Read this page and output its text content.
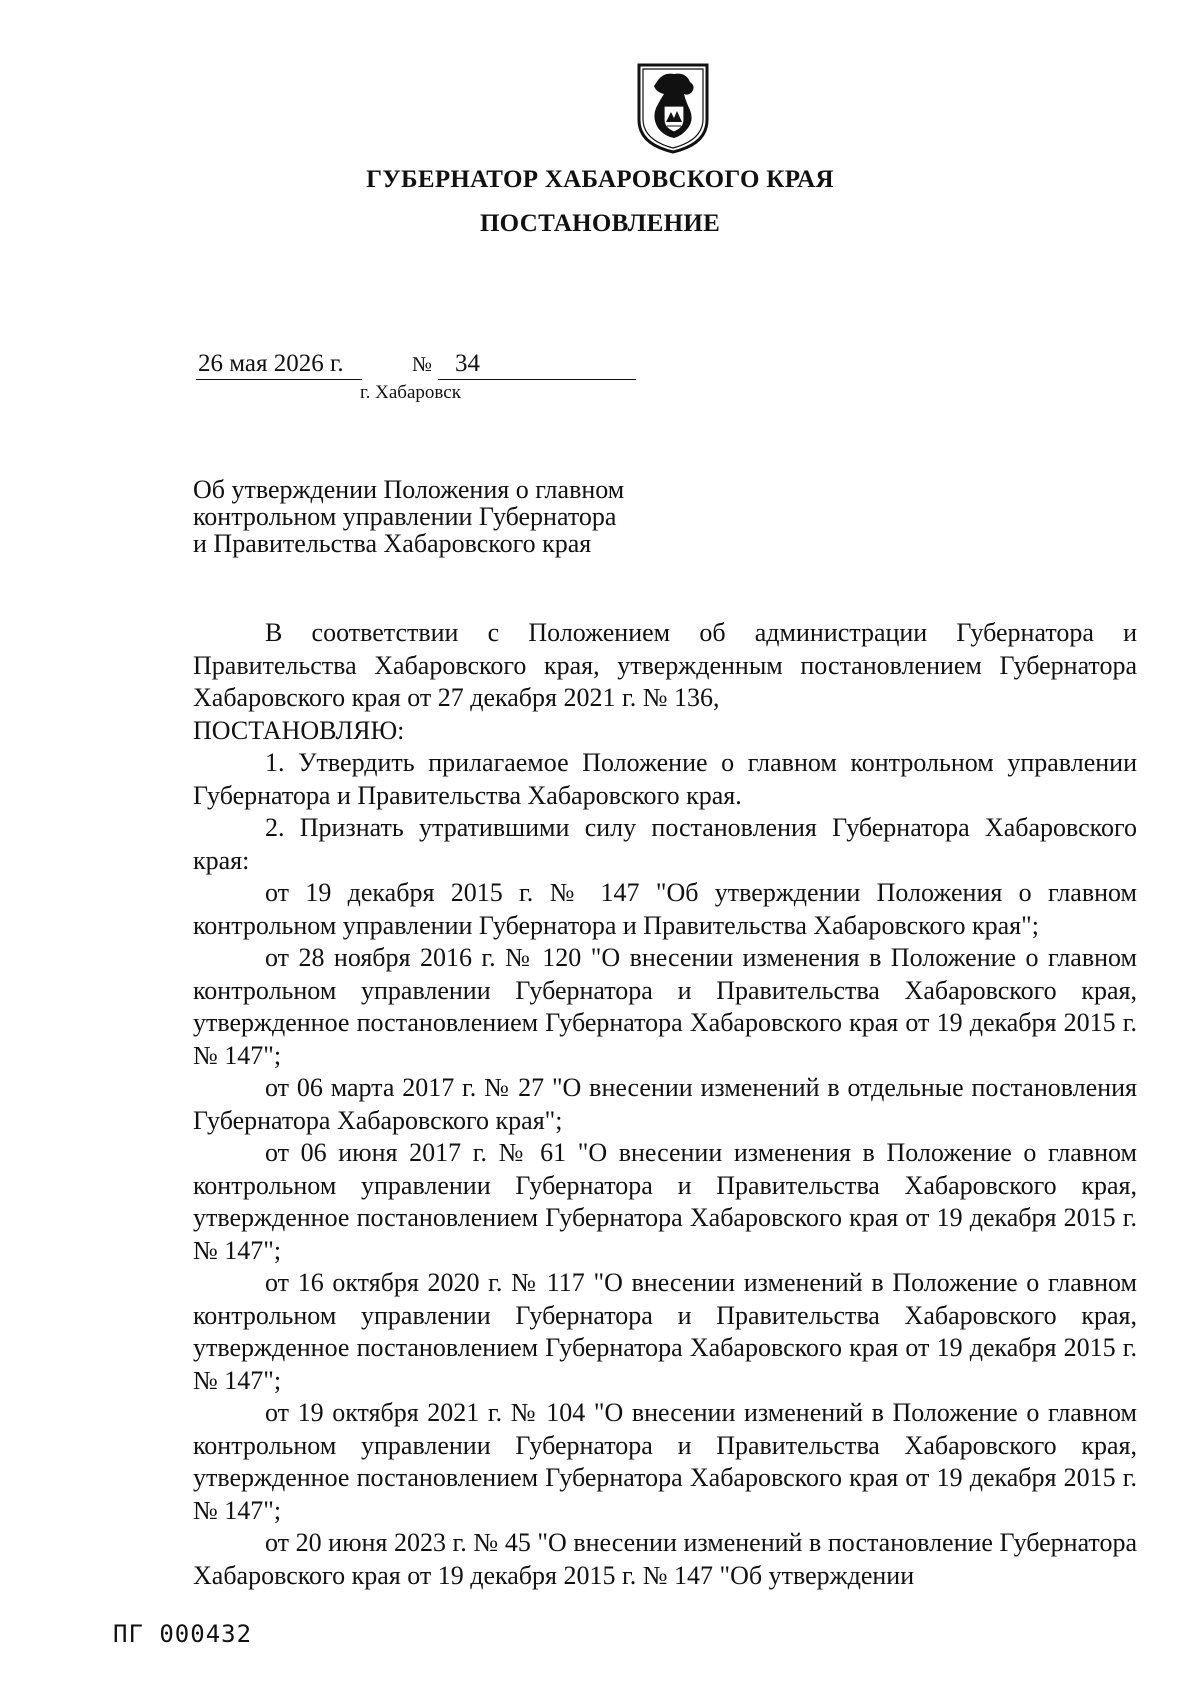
ГУБЕРНАТОР ХАБАРОВСКОГО КРАЯ
ПОСТАНОВЛЕНИЕ
26 мая 2026 г.	№ 34
г. Хабаровск
Об утверждении Положения о главном
контрольном управлении Губернатора
и Правительства Хабаровского края

В соответствии с Положением об администрации Губернатора и Правительства Хабаровского края, утвержденным постановлением Губернатора Хабаровского края от 27 декабря 2021 г. № 136,

ПОСТАНОВЛЯЮ:

1. Утвердить прилагаемое Положение о главном контрольном управлении Губернатора и Правительства Хабаровского края.

2. Признать утратившими силу постановления Губернатора Хабаровского края:

от 19 декабря 2015 г. № 147 "Об утверждении Положения о главном контрольном управлении Губернатора и Правительства Хабаровского края";

от 28 ноября 2016 г. № 120 "О внесении изменения в Положение о главном контрольном управлении Губернатора и Правительства Хабаровского края, утвержденное постановлением Губернатора Хабаровского края от 19 декабря 2015 г. № 147";

от 06 марта 2017 г. № 27 "О внесении изменений в отдельные постановления Губернатора Хабаровского края";

от 06 июня 2017 г. № 61 "О внесении изменения в Положение о главном контрольном управлении Губернатора и Правительства Хабаровского края, утвержденное постановлением Губернатора Хабаровского края от 19 декабря 2015 г. № 147";

от 16 октября 2020 г. № 117 "О внесении изменений в Положение о главном контрольном управлении Губернатора и Правительства Хабаровского края, утвержденное постановлением Губернатора Хабаровского края от 19 декабря 2015 г. № 147";

от 19 октября 2021 г. № 104 "О внесении изменений в Положение о главном контрольном управлении Губернатора и Правительства Хабаровского края, утвержденное постановлением Губернатора Хабаровского края от 19 декабря 2015 г. № 147";

от 20 июня 2023 г. № 45 "О внесении изменений в постановление Губернатора Хабаровского края от 19 декабря 2015 г. № 147 "Об утверждении

ПГ 000432
